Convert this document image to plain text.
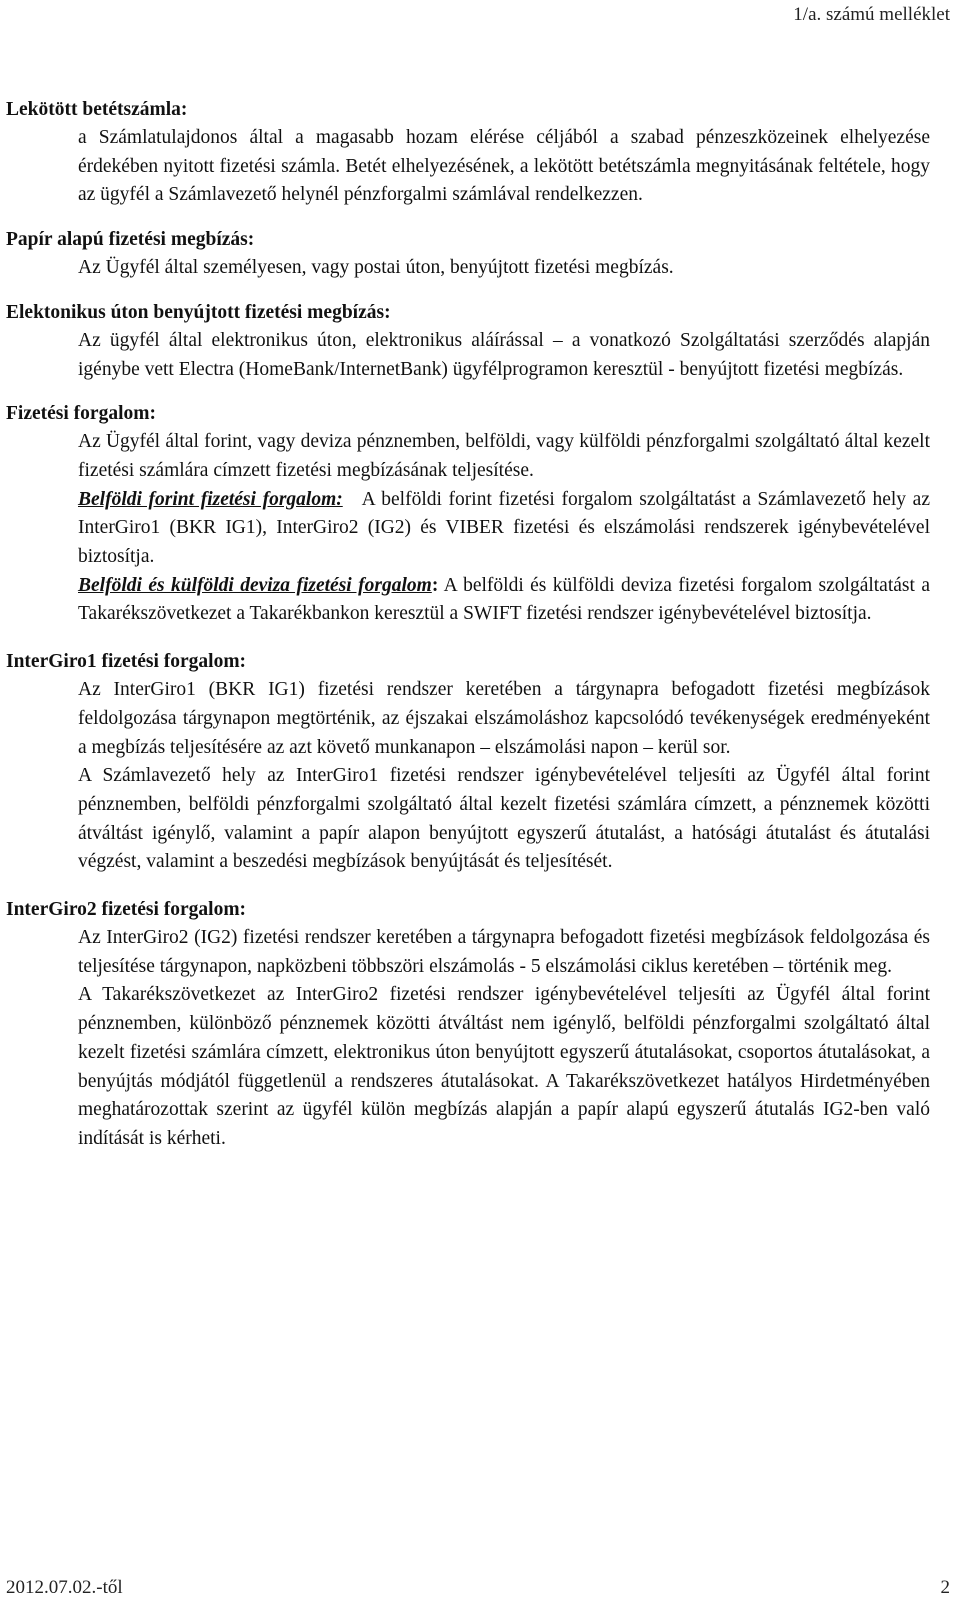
1/a. számú melléklet
Lekötött betétszámla:

a Számlatulajdonos által a magasabb hozam elérése céljából a szabad pénzeszközeinek elhelyezése érdekében nyitott fizetési számla. Betét elhelyezésének, a lekötött betétszámla megnyitásának feltétele, hogy az ügyfél a Számlavezető helynél pénzforgalmi számlával rendelkezzen.

Papír alapú fizetési megbízás:

Az Ügyfél által személyesen, vagy postai úton, benyújtott fizetési megbízás.

Elektonikus úton benyújtott fizetési megbízás:

Az ügyfél által elektronikus úton, elektronikus aláírással – a vonatkozó Szolgáltatási szerződés alapján igénybe vett Electra (HomeBank/InternetBank) ügyfélprogramon keresztül - benyújtott fizetési megbízás.

Fizetési forgalom:

Az Ügyfél által forint, vagy deviza pénznemben, belföldi, vagy külföldi pénzforgalmi szolgáltató által kezelt fizetési számlára címzett fizetési megbízásának teljesítése.

Belföldi forint fizetési forgalom: A belföldi forint fizetési forgalom szolgáltatást a Számlavezető hely az InterGiro1 (BKR IG1), InterGiro2 (IG2) és VIBER fizetési és elszámolási rendszerek igénybevételével biztosítja.

Belföldi és külföldi deviza fizetési forgalom: A belföldi és külföldi deviza fizetési forgalom szolgáltatást a Takarékszövetkezet a Takarékbankon keresztül a SWIFT fizetési rendszer igénybevételével biztosítja.

InterGiro1 fizetési forgalom:

Az InterGiro1 (BKR IG1) fizetési rendszer keretében a tárgynapra befogadott fizetési megbízások feldolgozása tárgynapon megtörténik, az éjszakai elszámoláshoz kapcsolódó tevékenységek eredményeként a megbízás teljesítésére az azt követő munkanapon – elszámolási napon – kerül sor.

A Számlavezető hely az InterGiro1 fizetési rendszer igénybevételével teljesíti az Ügyfél által forint pénznemben, belföldi pénzforgalmi szolgáltató által kezelt fizetési számlára címzett, a pénznemek közötti átváltást igénylő, valamint a papír alapon benyújtott egyszerű átutalást, a hatósági átutalást és átutalási végzést, valamint a beszedési megbízások benyújtását és teljesítését.

InterGiro2 fizetési forgalom:

Az InterGiro2 (IG2) fizetési rendszer keretében a tárgynapra befogadott fizetési megbízások feldolgozása és teljesítése tárgynapon, napközbeni többszöri elszámolás - 5 elszámolási ciklus keretében – történik meg.

A Takarékszövetkezet az InterGiro2 fizetési rendszer igénybevételével teljesíti az Ügyfél által forint pénznemben, különböző pénznemek közötti átváltást nem igénylő, belföldi pénzforgalmi szolgáltató által kezelt fizetési számlára címzett, elektronikus úton benyújtott egyszerű átutalásokat, csoportos átutalásokat, a benyújtás módjától függetlenül a rendszeres átutalásokat. A Takarékszövetkezet hatályos Hirdetményében meghatározottak szerint az ügyfél külön megbízás alapján a papír alapú egyszerű átutalás IG2-ben való indítását is kérheti.

2012.07.02.-től	2
